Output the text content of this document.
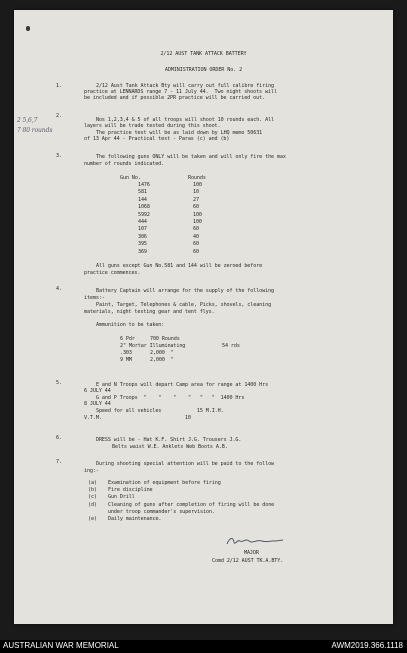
2/12 AUST TANK ATTACK BATTERY
ADMINISTRATION ORDER No. 2
1.	2/12 Aust Tank Attack Bty will carry out full calibre firing
practice at LENNARDS range 7 - 11 July 44.  Two night shoots will
be included and if possible 2PR practice will be carried out.
2 5,6,7
7 80 rounds
2.
Nos 1,2,3,4 & 5 of all troops will shoot 10 rounds each. All
layers will be trade tested during this shoot.
The practice test will be as laid down by LHQ memo 50631
of 13 Apr 44 - Practical test - Paras (c) and (b)
3.	The following guns ONLY will be taken and will only fire the max
number of rounds indicated.
Gun No.	Rounds
1476	100
581	10
144	27
1068	60
5992	100
444	100
107	60
306	40
395	60
369	60
All guns except Gun No.581 and 144 will be zeroed before
practice commences.
4.	Battery Captain will arrange for the supply of the following
items:-
Paint, Target, Telephones & cable, Picks, shovels, cleaning
materials, night testing gear and tent flys.
Ammunition to be taken:
6 Pdr	700 Rounds
2" Mortar Illuminating	54 rds
.303	2,000  "
9 MM	2,000  "
5.	E and N Troops will depart Camp area for range at 1400 Hrs
6 JULY 44
G and P Troops  "    "    "    "   "   "  1400 Hrs
8 JULY 44
Speed for all vehicles            15 M.I.H.
V.T.M.                            10
6.	DRESS will be - Hat K.F. Shirt J.G. Trousers J.G.
Belts waist W.E. Anklets Web Boots A.B.
7.	During shooting special attention will be paid to the follow
ing:-
(a) Examination of equipment before firing
(b) Fire discipline
(c) Gun Drill
(d) Cleaning of guns after completion of firing will be done
under troop commander's supervision.
(e) Daily maintenance.
MAJOR
Comd 2/12 AUST TK.A.BTY.
AUSTRALIAN WAR MEMORIAL	AWM2019.366.1118
